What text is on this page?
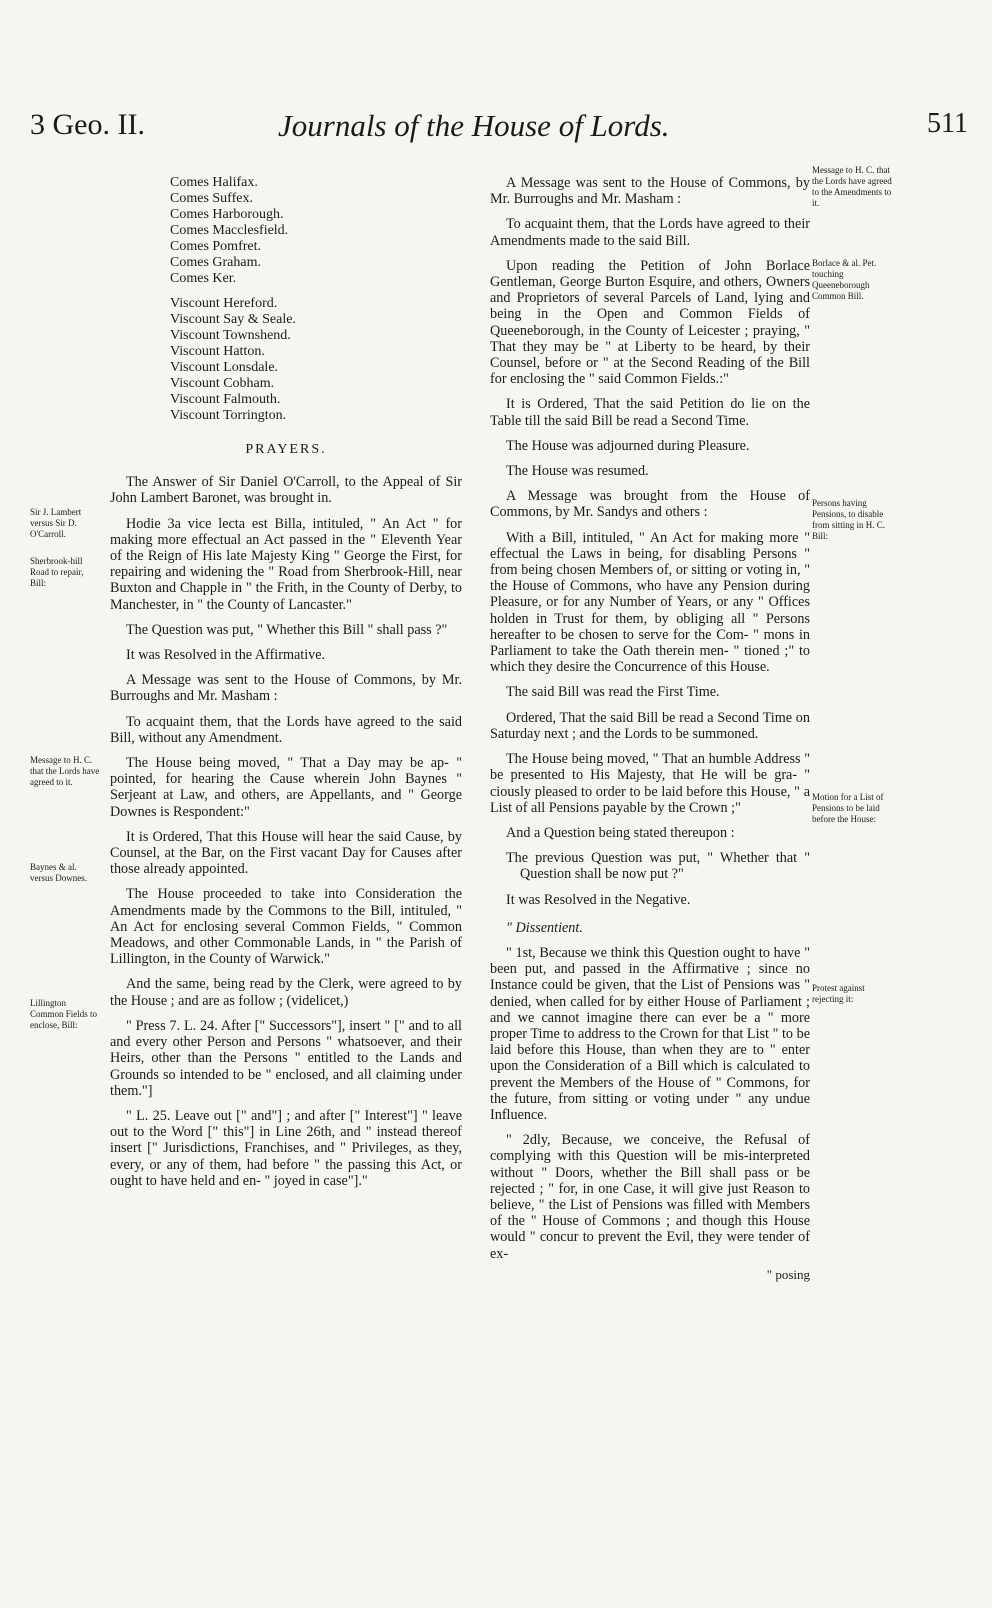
3 Geo. II.	Journals of the House of Lords.	511
Sir J. Lambert versus Sir D. O'Carroll.
Sherbrook-hill Road to repair, Bill:
Message to H. C. that the Lords have agreed to it.
Baynes & al. versus Downes.
Lillington Common Fields to enclose, Bill:
Message to H. C. that the Lords have agreed to the Amendments to it.
Borlace & al. Pet. touching Queeneborough Common Bill.
Persons having Pensions, to disable from sitting in H. C. Bill:
Motion for a List of Pensions to be laid before the House:
Protest against rejecting it:
Comes Halifax.
Comes Suffex.
Comes Harborough.
Comes Macclesfield.
Comes Pomfret.
Comes Graham.
Comes Ker.
Viscount Hereford.
Viscount Say & Seale.
Viscount Townshend.
Viscount Hatton.
Viscount Lonsdale.
Viscount Cobham.
Viscount Falmouth.
Viscount Torrington.

PRAYERS.

The Answer of Sir Daniel O'Carroll, to the Appeal of Sir John Lambert Baronet, was brought in.

Hodie 3a vice lecta est Billa, intituled, " An Act " for making more effectual an Act passed in the " Eleventh Year of the Reign of His late Majesty King " George the First, for repairing and widening the " Road from Sherbrook-Hill, near Buxton and Chapple in " the Frith, in the County of Derby, to Manchester, in " the County of Lancaster."

The Question was put, " Whether this Bill " shall pass ?"

It was Resolved in the Affirmative.

A Message was sent to the House of Commons, by Mr. Burroughs and Mr. Masham :

To acquaint them, that the Lords have agreed to the said Bill, without any Amendment.

The House being moved, " That a Day may be ap- " pointed, for hearing the Cause wherein John Baynes " Serjeant at Law, and others, are Appellants, and " George Downes is Respondent:"

It is Ordered, That this House will hear the said Cause, by Counsel, at the Bar, on the First vacant Day for Causes after those already appointed.

The House proceeded to take into Consideration the Amendments made by the Commons to the Bill, intituled, " An Act for enclosing several Common Fields, " Common Meadows, and other Commonable Lands, in " the Parish of Lillington, in the County of Warwick."

And the same, being read by the Clerk, were agreed to by the House ; and are as follow ; (videlicet,)

" Press 7. L. 24. After [" Successors"], insert " [" and to all and every other Person and Persons " whatsoever, and their Heirs, other than the Persons " entitled to the Lands and Grounds so intended to be " enclosed, and all claiming under them."]

" L. 25. Leave out [" and"] ; and after [" Interest"] " leave out to the Word [" this"] in Line 26th, and " instead thereof insert [" Jurisdictions, Franchises, and " Privileges, as they, every, or any of them, had before " the passing this Act, or ought to have held and en- " joyed in case"]."

A Message was sent to the House of Commons, by Mr. Burroughs and Mr. Masham :

To acquaint them, that the Lords have agreed to their Amendments made to the said Bill.

Upon reading the Petition of John Borlace Gentleman, George Burton Esquire, and others, Owners and Proprietors of several Parcels of Land, lying and being in the Open and Common Fields of Queeneborough, in the County of Leicester ; praying, " That they may be " at Liberty to be heard, by their Counsel, before or " at the Second Reading of the Bill for enclosing the " said Common Fields.:"

It is Ordered, That the said Petition do lie on the Table till the said Bill be read a Second Time.

The House was adjourned during Pleasure.

The House was resumed.

A Message was brought from the House of Commons, by Mr. Sandys and others :

With a Bill, intituled, " An Act for making more " effectual the Laws in being, for disabling Persons " from being chosen Members of, or sitting or voting in, " the House of Commons, who have any Pension during Pleasure, or for any Number of Years, or any " Offices holden in Trust for them, by obliging all " Persons hereafter to be chosen to serve for the Com- " mons in Parliament to take the Oath therein men- " tioned ;" to which they desire the Concurrence of this House.

The said Bill was read the First Time.

Ordered, That the said Bill be read a Second Time on Saturday next ; and the Lords to be summoned.

The House being moved, " That an humble Address " be presented to His Majesty, that He will be gra- " ciously pleased to order to be laid before this House, " a List of all Pensions payable by the Crown ;"

And a Question being stated thereupon :

The previous Question was put, " Whether that " Question shall be now put ?"

It was Resolved in the Negative.

" Dissentient.

" 1st, Because we think this Question ought to have " been put, and passed in the Affirmative ; since no Instance could be given, that the List of Pensions was " denied, when called for by either House of Parliament ; and we cannot imagine there can ever be a " more proper Time to address to the Crown for that List " to be laid before this House, than when they are to " enter upon the Consideration of a Bill which is calculated to prevent the Members of the House of " Commons, for the future, from sitting or voting under " any undue Influence.

" 2dly, Because, we conceive, the Refusal of complying with this Question will be mis-interpreted without " Doors, whether the Bill shall pass or be rejected ; " for, in one Case, it will give just Reason to believe, " the List of Pensions was filled with Members of the " House of Commons ; and though this House would " concur to prevent the Evil, they were tender of ex-

" posing
